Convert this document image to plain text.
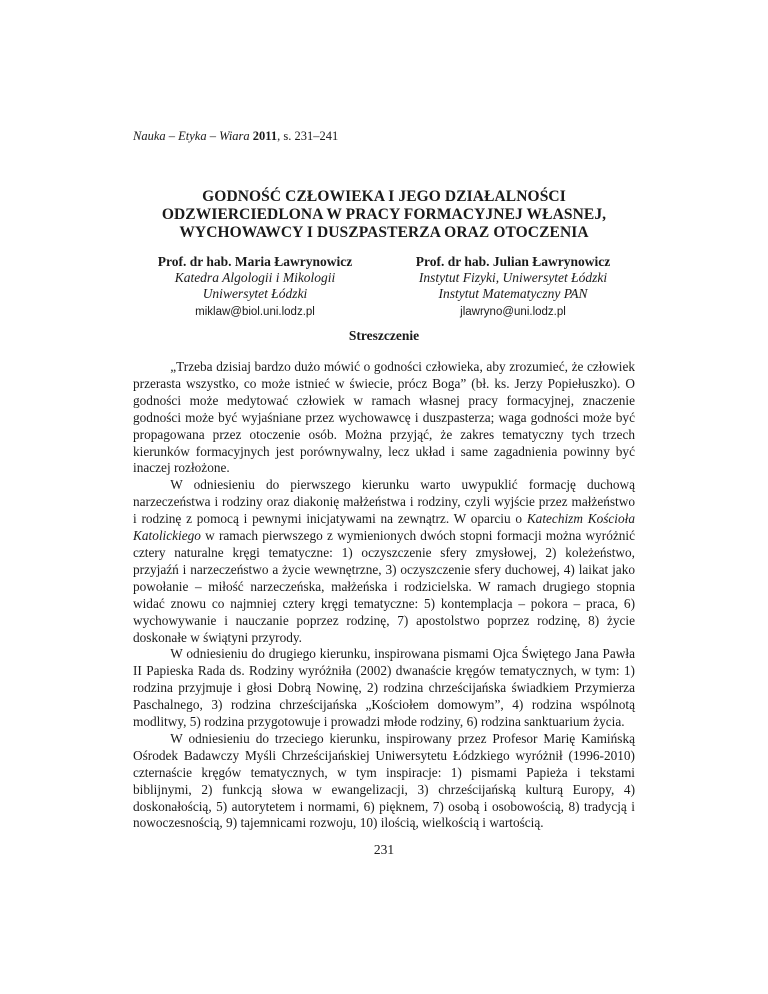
Nauka – Etyka – Wiara 2011, s. 231–241
GODNOŚĆ CZŁOWIEKA I JEGO DZIAŁALNOŚCI
ODZWIERCIEDLONA W PRACY FORMACYJNEJ WŁASNEJ,
WYCHOWAWCY I DUSZPASTERZA ORAZ OTOCZENIA
Prof. dr hab. Maria Ławrynowicz
Katedra Algologii i Mikologii
Uniwersytet Łódzki
miklaw@biol.uni.lodz.pl
Prof. dr hab. Julian Ławrynowicz
Instytut Fizyki, Uniwersytet Łódzki
Instytut Matematyczny PAN
jlawryno@uni.lodz.pl
Streszczenie

„Trzeba dzisiaj bardzo dużo mówić o godności człowieka, aby zrozumieć, że człowiek przerasta wszystko, co może istnieć w świecie, prócz Boga” (bł. ks. Jerzy Popiełuszko). O godności może medytować człowiek w ramach własnej pracy formacyjnej, znaczenie godności może być wyjaśniane przez wychowawcę i duszpasterza; waga godności może być propagowana przez otoczenie osób. Można przyjąć, że zakres tematyczny tych trzech kierunków formacyjnych jest porównywalny, lecz układ i same zagadnienia powinny być inaczej rozłożone.

W odniesieniu do pierwszego kierunku warto uwypuklić formację duchową narzeczeństwa i rodziny oraz diakonię małżeństwa i rodziny, czyli wyjście przez małżeństwo i rodzinę z pomocą i pewnymi inicjatywami na zewnątrz. W oparciu o Katechizm Kościoła Katolickiego w ramach pierwszego z wymienionych dwóch stopni formacji można wyróżnić cztery naturalne kręgi tematyczne: 1) oczyszczenie sfery zmysłowej, 2) koleżeństwo, przyjaźń i narzeczeństwo a życie wewnętrzne, 3) oczyszczenie sfery duchowej, 4) laikat jako powołanie – miłość narzeczeńska, małżeńska i rodzicielska. W ramach drugiego stopnia widać znowu co najmniej cztery kręgi tematyczne: 5) kontemplacja – pokora – praca, 6) wychowywanie i nauczanie poprzez rodzinę, 7) apostolstwo poprzez rodzinę, 8) życie doskonałe w świątyni przyrody.

W odniesieniu do drugiego kierunku, inspirowana pismami Ojca Świętego Jana Pawła II Papieska Rada ds. Rodziny wyróżniła (2002) dwanaście kręgów tematycznych, w tym: 1) rodzina przyjmuje i głosi Dobrą Nowinę, 2) rodzina chrześcijańska świadkiem Przymierza Paschalnego, 3) rodzina chrześcijańska „Kościołem domowym”, 4) rodzina wspólnotą modlitwy, 5) rodzina przygotowuje i prowadzi młode rodziny, 6) rodzina sanktuarium życia.

W odniesieniu do trzeciego kierunku, inspirowany przez Profesor Marię Kamińską Ośrodek Badawczy Myśli Chrześcijańskiej Uniwersytetu Łódzkiego wyróżnił (1996-2010) czternaście kręgów tematycznych, w tym inspiracje: 1) pismami Papieża i tekstami biblijnymi, 2) funkcją słowa w ewangelizacji, 3) chrześcijańską kulturą Europy, 4) doskonałością, 5) autorytetem i normami, 6) pięknem, 7) osobą i osobowością, 8) tradycją i nowoczesnością, 9) tajemnicami rozwoju, 10) ilością, wielkością i wartością.

231
